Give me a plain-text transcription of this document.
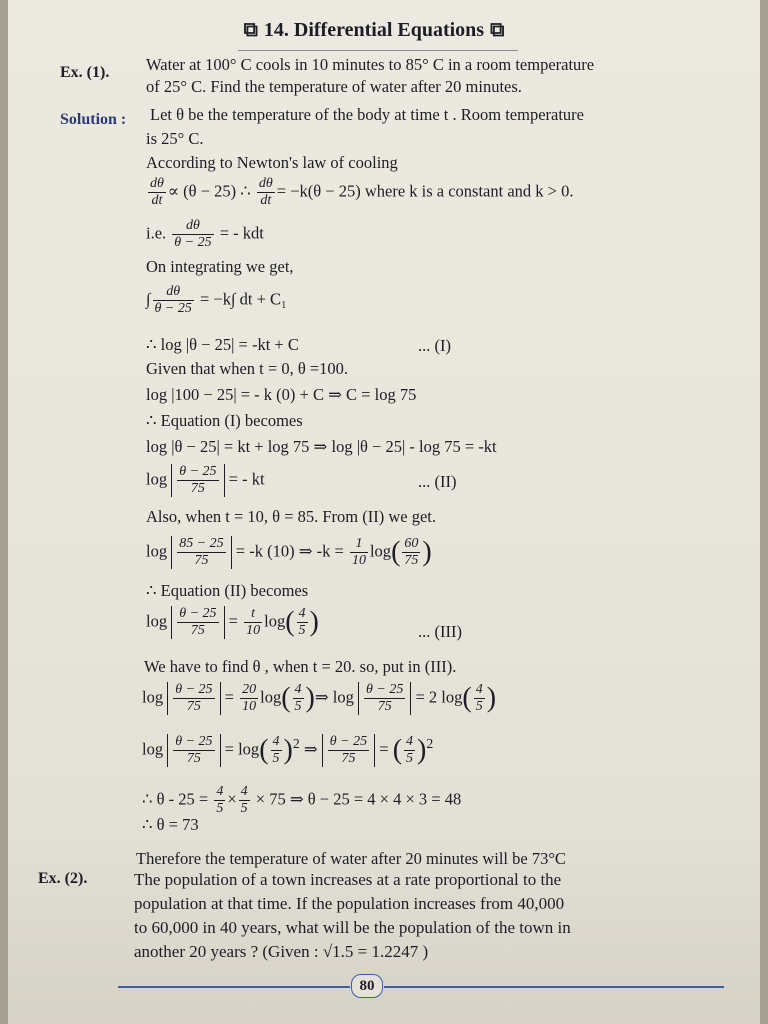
⧉ 14. Differential Equations ⧉
Ex. (1). Water at 100° C cools in 10 minutes to 85° C in a room temperature
of 25° C. Find the temperature of water after 20 minutes.
Solution : Let θ be the temperature of the body at time t . Room temperature
is 25° C.
According to Newton's law of cooling
$\frac{d\theta}{dt} \propto (\theta - 25)$ ∴ $\frac{d\theta}{dt} = -k(\theta - 25)$ where k is a constant and k > 0.
i.e. $\frac{d\theta}{\theta - 25}$ = - kdt
On integrating we get,
∫ $\frac{d\theta}{\theta - 25} = -k\int$ dt + C₁
∴ log |θ − 25| = -kt + C	... (I)
Given that when t = 0, θ =100.
log |100 − 25| = - k (0) + C ⇒ C = log 75
∴ Equation (I) becomes
log |θ − 25| = kt + log 75 ⇒ log |θ − 25| - log 75 = -kt
$\log \frac{\theta - 25}{75}$ = - kt	... (II)
Also, when t = 10, θ = 85. From (II) we get.
$\log \frac{85 - 25}{75} = -k$ (10) ⇒ $-k = \frac{1}{10} \log( \frac{60}{75}$ )
∴ Equation (II) becomes
$\log \frac{\theta - 25}{75} = \frac{t}{10} \log( \frac{4}{5}$ )	... (III)
We have to find θ , when t = 20. so, put in (III).
$\log \frac{\theta - 25}{75} = \frac{20}{10} \log( \frac{4}{5}$ )⇒ $\log \frac{\theta - 25}{75} = 2$ $\log( \frac{4}{5}$ )
$\log \frac{\theta - 25}{75} = \log( \frac{4}{5} )^2$ ⇒ $\frac{\theta - 25}{75}$ = ( $\frac{4}{5} )^2$
∴ $\theta - 25 = \frac{4}{5} \times \frac{4}{5} \times 75$ ⇒ θ − 25 = 4 × 4 × 3 = 48
∴ θ = 73
Therefore the temperature of water after 20 minutes will be 73°C
Ex. (2).	The population of a town increases at a rate proportional to the
population at that time. If the population increases from 40,000
to 60,000 in 40 years, what will be the population of the town in
another 20 years ? (Given : √1.5 = 1.2247 )
80
